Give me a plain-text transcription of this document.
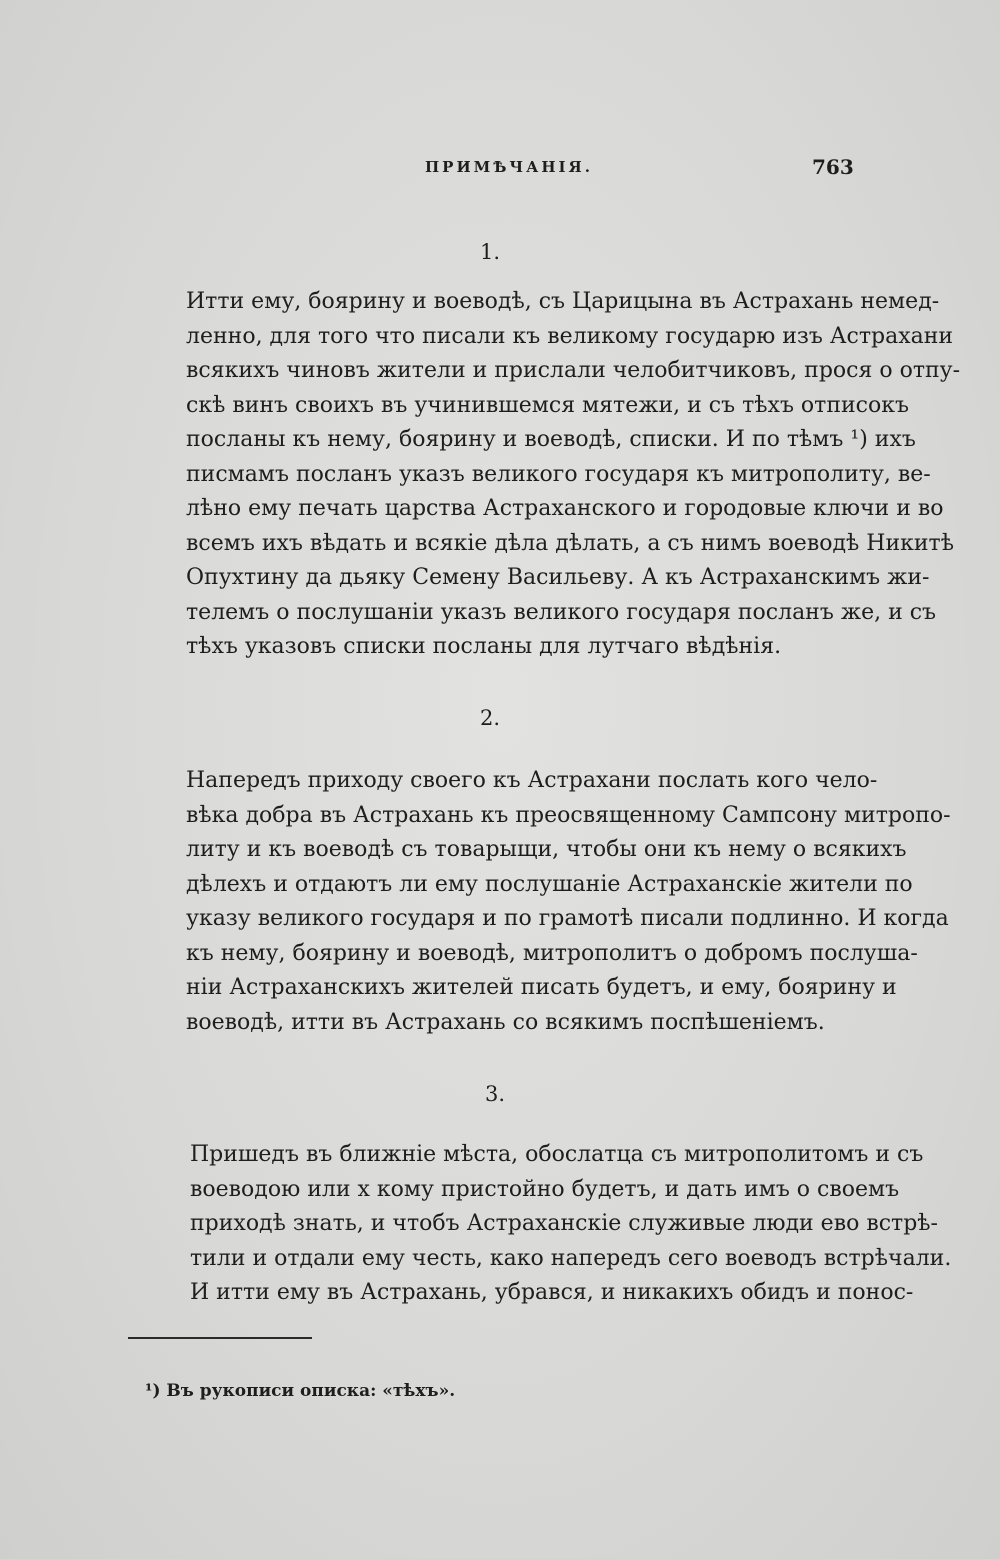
ПРИМѢЧАНІЯ.	763
1.
Итти ему, боярину и воеводѣ, съ Царицына въ Астрахань немед-
ленно, для того что писали къ великому государю изъ Астрахани
всякихъ чиновъ жители и прислали челобитчиковъ, прося о отпу-
скѣ винъ своихъ въ учинившемся мятежи, и съ тѣхъ отписокъ
посланы къ нему, боярину и воеводѣ, списки. И по тѣмъ ¹) ихъ
писмамъ посланъ указъ великого государя къ митрополиту, ве-
лѣно ему печать царства Астраханского и городовые ключи и во
всемъ ихъ вѣдать и всякіе дѣла дѣлать, а съ нимъ воеводѣ Никитѣ
Опухтину да дьяку Семену Васильеву. А къ Астраханскимъ жи-
телемъ о послушаніи указъ великого государя посланъ же, и съ
тѣхъ указовъ списки посланы для лутчаго вѣдѣнія.
2.
Напередъ приходу своего къ Астрахани послать кого чело-
вѣка добра въ Астрахань къ преосвященному Сампсону митропо-
литу и къ воеводѣ съ товарыщи, чтобы они къ нему о всякихъ
дѣлехъ и отдаютъ ли ему послушаніе Астраханскіе жители по
указу великого государя и по грамотѣ писали подлинно. И когда
къ нему, боярину и воеводѣ, митрополитъ о добромъ послуша-
ніи Астраханскихъ жителей писать будетъ, и ему, боярину и
воеводѣ, итти въ Астрахань со всякимъ поспѣшеніемъ.
3.
Пришедъ въ ближніе мѣста, обослатца съ митрополитомъ и съ
воеводою или х кому пристойно будетъ, и дать имъ о своемъ
приходѣ знать, и чтобъ Астраханскіе служивые люди ево встрѣ-
тили и отдали ему честь, како напередъ сего воеводъ встрѣчали.
И итти ему въ Астрахань, убрався, и никакихъ обидъ и понос-
¹) Въ рукописи описка: «тѣхъ».
